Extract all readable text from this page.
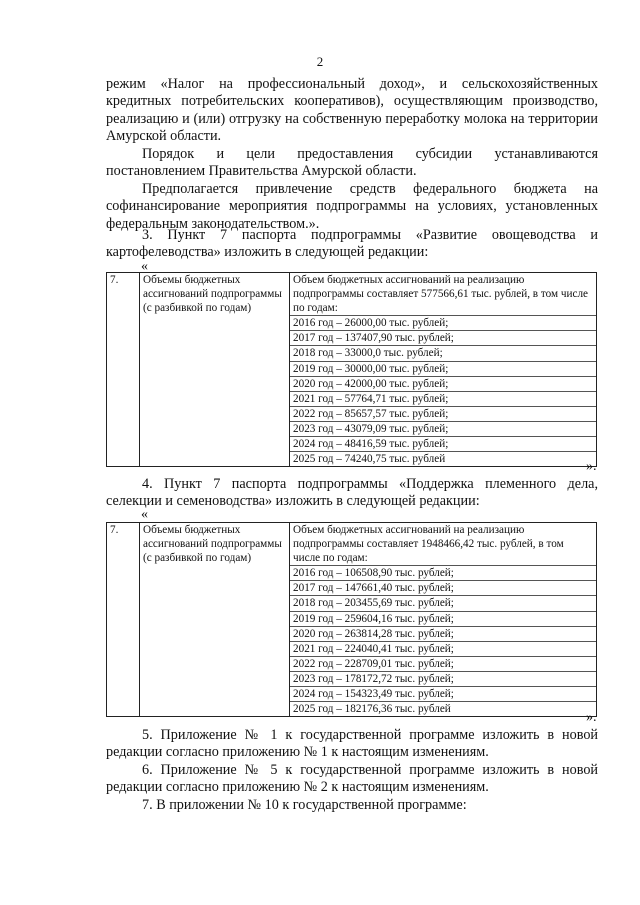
2

режим «Налог на профессиональный доход», и сельскохозяйственных кредитных потребительских кооперативов), осуществляющим производство, реализацию и (или) отгрузку на собственную переработку молока на территории Амурской области.

Порядок и цели предоставления субсидии устанавливаются постановлением Правительства Амурской области.

Предполагается привлечение средств федерального бюджета на софинансирование мероприятия подпрограммы на условиях, установленных федеральным законодательством.».

3. Пункт 7 паспорта подпрограммы «Развитие овощеводства и картофелеводства» изложить в следующей редакции:

«
7.	Объемы бюджетных ассигнований подпрограммы (с разбивкой по годам)	
Объем бюджетных ассигнований на реализацию подпрограммы составляет 577566,61 тыс. рублей, в том числе по годам:
2016 год – 26000,00 тыс. рублей;
2017 год – 137407,90 тыс. рублей;
2018 год – 33000,0 тыс. рублей;
2019 год – 30000,00 тыс. рублей;
2020 год – 42000,00 тыс. рублей;
2021 год – 57764,71 тыс. рублей;
2022 год – 85657,57 тыс. рублей;
2023 год – 43079,09 тыс. рублей;
2024 год – 48416,59 тыс. рублей;
2025 год – 74240,75 тыс. рублей	».

4. Пункт 7 паспорта подпрограммы «Поддержка племенного дела, селекции и семеноводства» изложить в следующей редакции:

«
7.	Объемы бюджетных ассигнований подпрограммы (с разбивкой по годам)	
Объем бюджетных ассигнований на реализацию подпрограммы составляет 1948466,42 тыс. рублей, в том числе по годам:
2016 год – 106508,90 тыс. рублей;
2017 год – 147661,40 тыс. рублей;
2018 год – 203455,69 тыс. рублей;
2019 год – 259604,16 тыс. рублей;
2020 год – 263814,28 тыс. рублей;
2021 год – 224040,41 тыс. рублей;
2022 год – 228709,01 тыс. рублей;
2023 год – 178172,72 тыс. рублей;
2024 год – 154323,49 тыс. рублей;
2025 год – 182176,36 тыс. рублей
».

5. Приложение № 1 к государственной программе изложить в новой редакции согласно приложению № 1 к настоящим изменениям.

6. Приложение № 5 к государственной программе изложить в новой редакции согласно приложению № 2 к настоящим изменениям.

7. В приложении № 10 к государственной программе:
